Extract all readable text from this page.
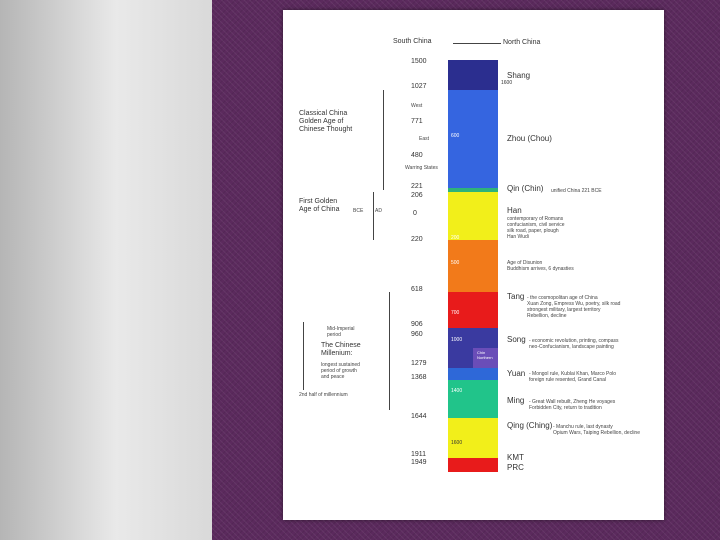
South China	North China
1600
600
200
500
700
1000
Chin
Northern
1400
1600
1500
1027
771
480
221
206
0
220
618
906
960
1279
1368
1644
1911
1949
West
East
Warring States
Classical China
Golden Age of
Chinese Thought
First Golden
Age of China	BCE AD
Mid-Imperial
period
The Chinese
Millenium:
longest sustained
period of growth
and peace
2nd half of millennium
Shang
Zhou (Chou)
Qin (Chin) unified China 221 BCE
Han
contemporary of Romans
confucianism, civil service
silk road, paper, plough
Han Wudi
Age of Disunion
Buddhism arrives, 6 dynasties
Tang - the cosmopolitan age of China
Xuan Zong, Empress Wu, poetry, silk road
strongest military, largest territory
Rebellion, decline
Song - economic revolution, printing, compass
neo-Confucianism, landscape painting
Yuan - Mongol rule, Kublai Khan, Marco Polo
foreign rule resented, Grand Canal
Ming - Great Wall rebuilt, Zheng He voyages
Forbidden City, return to tradition
Qing (Ching) - Manchu rule, last dynasty
Opium Wars, Taiping Rebellion, decline
KMT
PRC
